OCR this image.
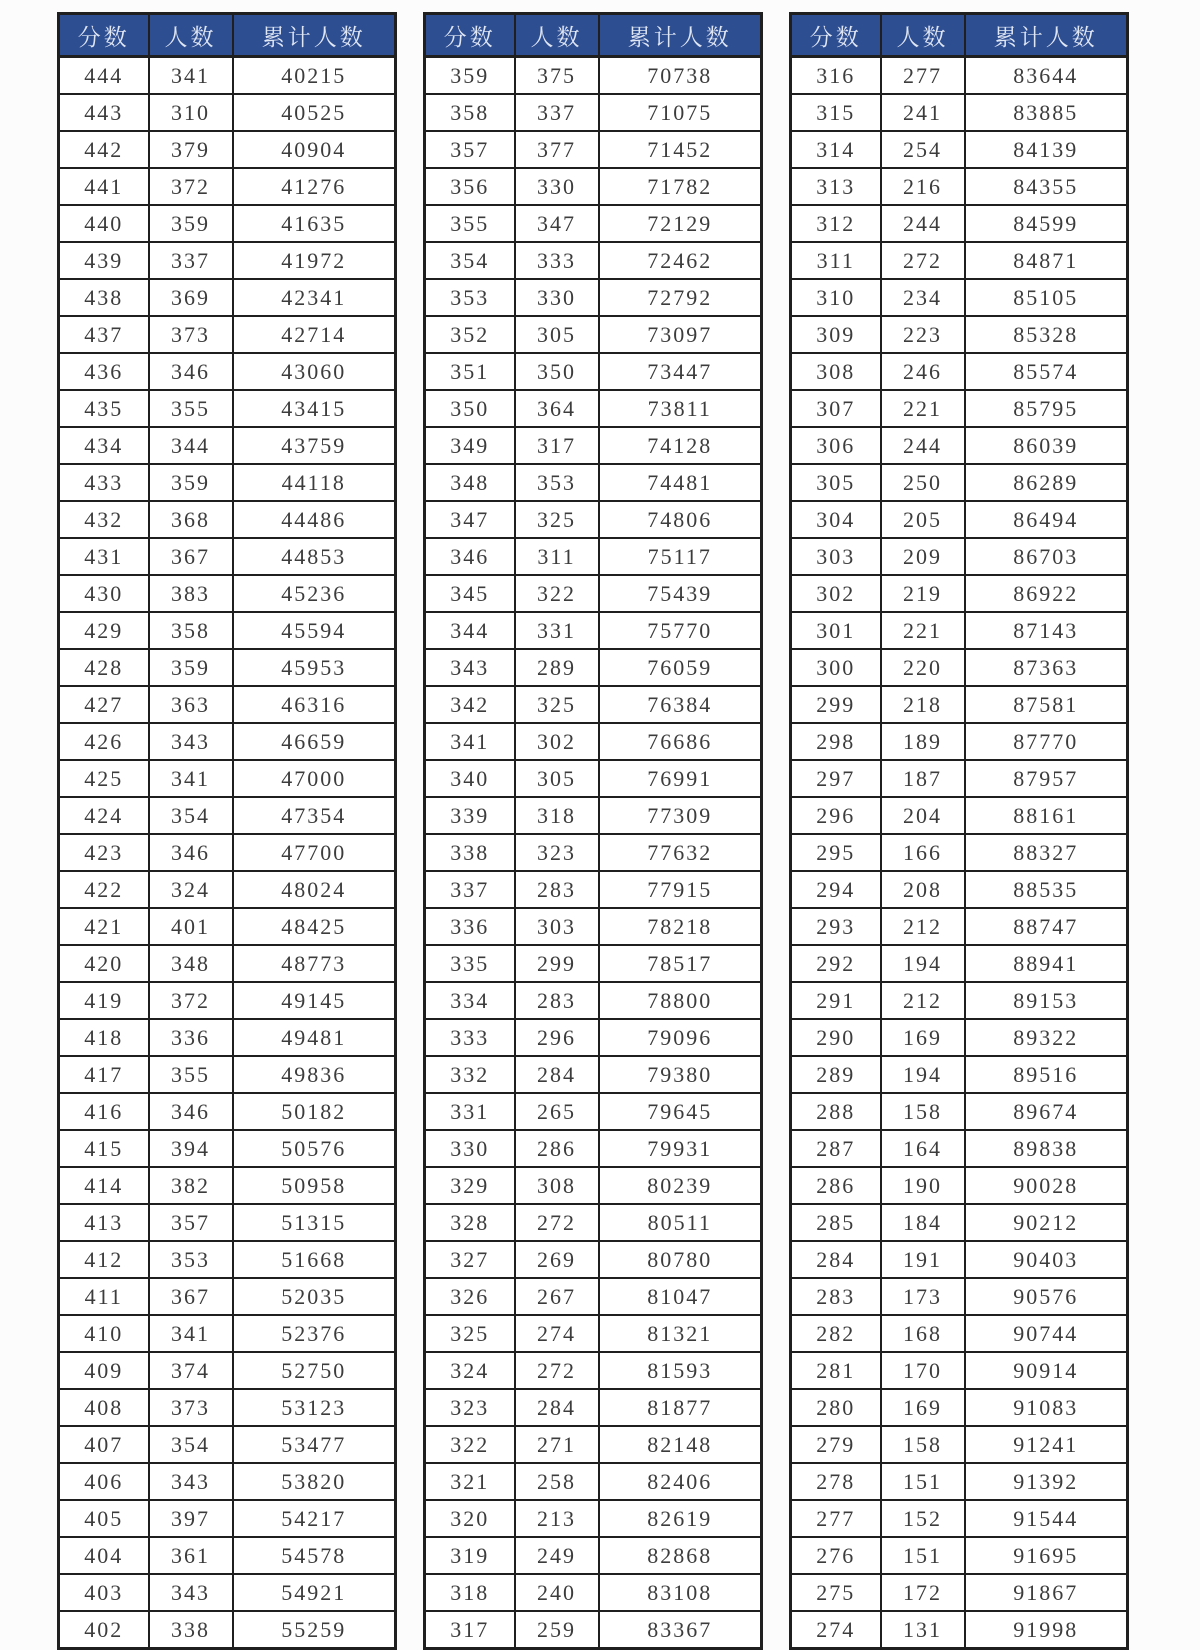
分数	人数	累计人数
444	341	40215
443	310	40525
442	379	40904
441	372	41276
440	359	41635
439	337	41972
438	369	42341
437	373	42714
436	346	43060
435	355	43415
434	344	43759
433	359	44118
432	368	44486
431	367	44853
430	383	45236
429	358	45594
428	359	45953
427	363	46316
426	343	46659
425	341	47000
424	354	47354
423	346	47700
422	324	48024
421	401	48425
420	348	48773
419	372	49145
418	336	49481
417	355	49836
416	346	50182
415	394	50576
414	382	50958
413	357	51315
412	353	51668
411	367	52035
410	341	52376
409	374	52750
408	373	53123
407	354	53477
406	343	53820
405	397	54217
404	361	54578
403	343	54921
402	338	55259
分数	人数	累计人数
359	375	70738
358	337	71075
357	377	71452
356	330	71782
355	347	72129
354	333	72462
353	330	72792
352	305	73097
351	350	73447
350	364	73811
349	317	74128
348	353	74481
347	325	74806
346	311	75117
345	322	75439
344	331	75770
343	289	76059
342	325	76384
341	302	76686
340	305	76991
339	318	77309
338	323	77632
337	283	77915
336	303	78218
335	299	78517
334	283	78800
333	296	79096
332	284	79380
331	265	79645
330	286	79931
329	308	80239
328	272	80511
327	269	80780
326	267	81047
325	274	81321
324	272	81593
323	284	81877
322	271	82148
321	258	82406
320	213	82619
319	249	82868
318	240	83108
317	259	83367
分数	人数	累计人数
316	277	83644
315	241	83885
314	254	84139
313	216	84355
312	244	84599
311	272	84871
310	234	85105
309	223	85328
308	246	85574
307	221	85795
306	244	86039
305	250	86289
304	205	86494
303	209	86703
302	219	86922
301	221	87143
300	220	87363
299	218	87581
298	189	87770
297	187	87957
296	204	88161
295	166	88327
294	208	88535
293	212	88747
292	194	88941
291	212	89153
290	169	89322
289	194	89516
288	158	89674
287	164	89838
286	190	90028
285	184	90212
284	191	90403
283	173	90576
282	168	90744
281	170	90914
280	169	91083
279	158	91241
278	151	91392
277	152	91544
276	151	91695
275	172	91867
274	131	91998
